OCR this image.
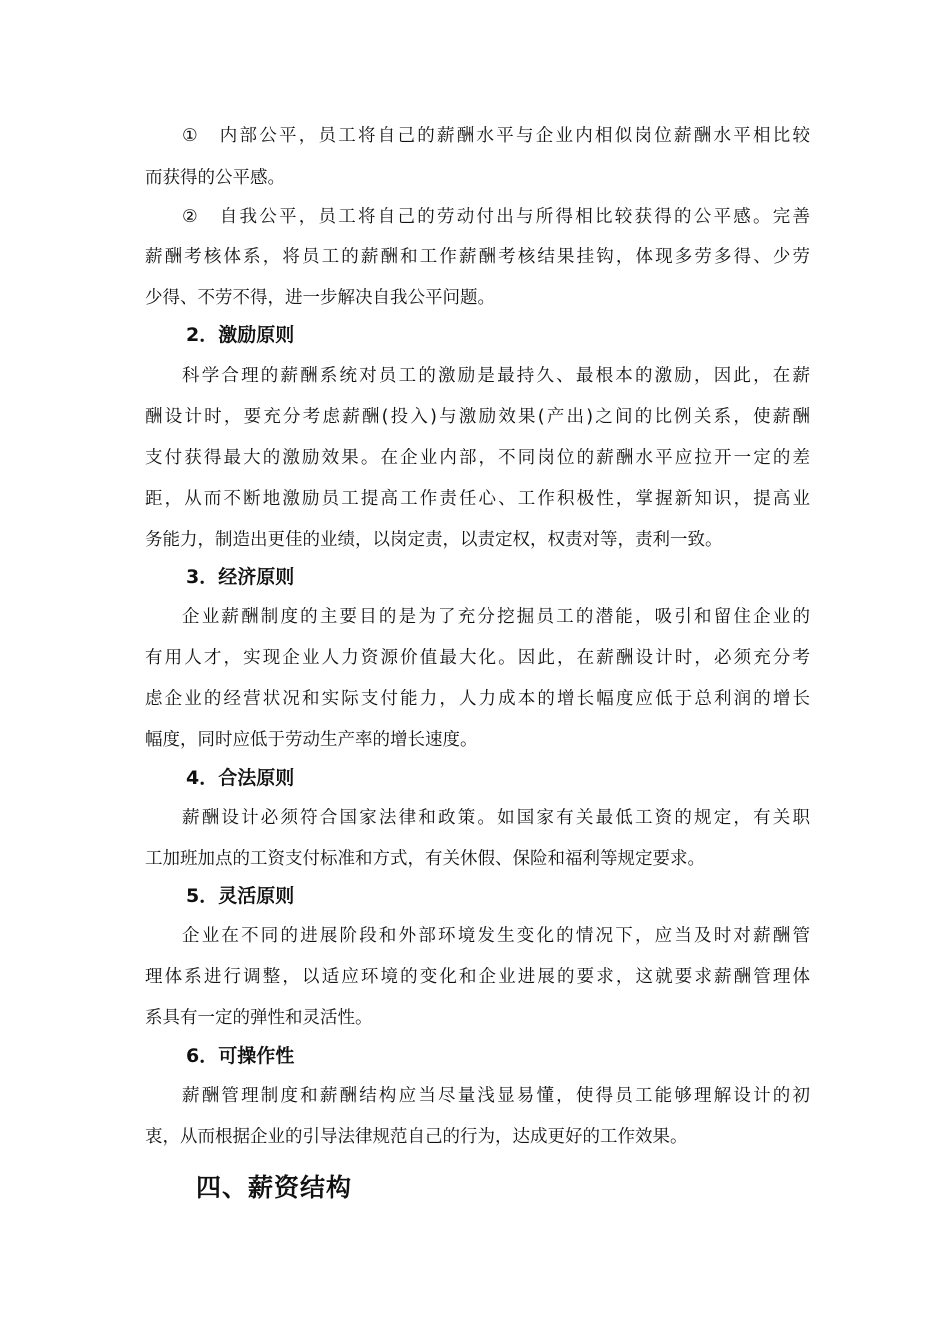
①　内部公平，员工将自己的薪酬水平与企业内相似岗位薪酬水平相比较
而获得的公平感。
②　自我公平，员工将自己的劳动付出与所得相比较获得的公平感。完善
薪酬考核体系，将员工的薪酬和工作薪酬考核结果挂钩，体现多劳多得、少劳
少得、不劳不得，进一步解决自我公平问题。
2．激励原则
科学合理的薪酬系统对员工的激励是最持久、最根本的激励，因此，在薪
酬设计时，要充分考虑薪酬(投入)与激励效果(产出)之间的比例关系，使薪酬
支付获得最大的激励效果。在企业内部，不同岗位的薪酬水平应拉开一定的差
距，从而不断地激励员工提高工作责任心、工作积极性，掌握新知识，提高业
务能力，制造出更佳的业绩，以岗定责，以责定权，权责对等，责利一致。
3．经济原则
企业薪酬制度的主要目的是为了充分挖掘员工的潜能，吸引和留住企业的
有用人才，实现企业人力资源价值最大化。因此，在薪酬设计时，必须充分考
虑企业的经营状况和实际支付能力，人力成本的增长幅度应低于总利润的增长
幅度，同时应低于劳动生产率的增长速度。
4．合法原则
薪酬设计必须符合国家法律和政策。如国家有关最低工资的规定，有关职
工加班加点的工资支付标准和方式，有关休假、保险和福利等规定要求。
5．灵活原则
企业在不同的进展阶段和外部环境发生变化的情况下，应当及时对薪酬管
理体系进行调整，以适应环境的变化和企业进展的要求，这就要求薪酬管理体
系具有一定的弹性和灵活性。
6．可操作性
薪酬管理制度和薪酬结构应当尽量浅显易懂，使得员工能够理解设计的初
衷，从而根据企业的引导法律规范自己的行为，达成更好的工作效果。
四、薪资结构
